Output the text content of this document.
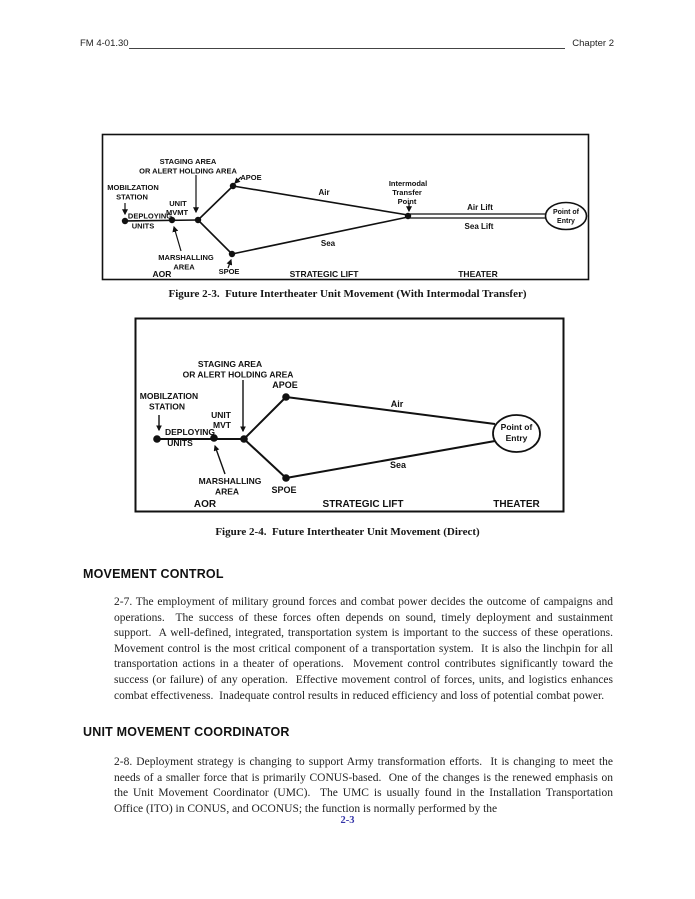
FM 4-01.30	Chapter 2
STAGING AREA
OR ALERT HOLDING AREA
APOE
MOBILZATION
STATION
UNIT
MVMT
DEPLOYING
UNITS
MARSHALLING
AREA	SPOE
Air
Sea
Intermodal
Transfer
Point
Air Lift
Sea Lift
Point of
Entry
AOR	STRATEGIC LIFT	THEATER
Figure 2-3.  Future Intertheater Unit Movement (With Intermodal Transfer)
STAGING AREA
OR ALERT HOLDING AREA
APOE
MOBILZATION
STATION
UNIT
MVT
DEPLOYING
UNITS
MARSHALLING
AREA	SPOE
Air
Sea
Point of
Entry
AOR	STRATEGIC LIFT	THEATER
Figure 2-4.  Future Intertheater Unit Movement (Direct)
MOVEMENT CONTROL
2-7. The employment of military ground forces and combat power decides the outcome of campaigns and operations.  The success of these forces often depends on sound, timely deployment and sustainment support.  A well-defined, integrated, transportation system is important to the success of these operations.  Movement control is the most critical component of a transportation system.  It is also the linchpin for all transportation actions in a theater of operations.  Movement control contributes significantly toward the success (or failure) of any operation.  Effective movement control of forces, units, and logistics enhances combat effectiveness.  Inadequate control results in reduced efficiency and loss of potential combat power.
UNIT MOVEMENT COORDINATOR
2-8. Deployment strategy is changing to support Army transformation efforts.  It is changing to meet the needs of a smaller force that is primarily CONUS-based.  One of the changes is the renewed emphasis on the Unit Movement Coordinator (UMC).  The UMC is usually found in the Installation Transportation Office (ITO) in CONUS, and OCONUS; the function is normally performed by the
2-3
